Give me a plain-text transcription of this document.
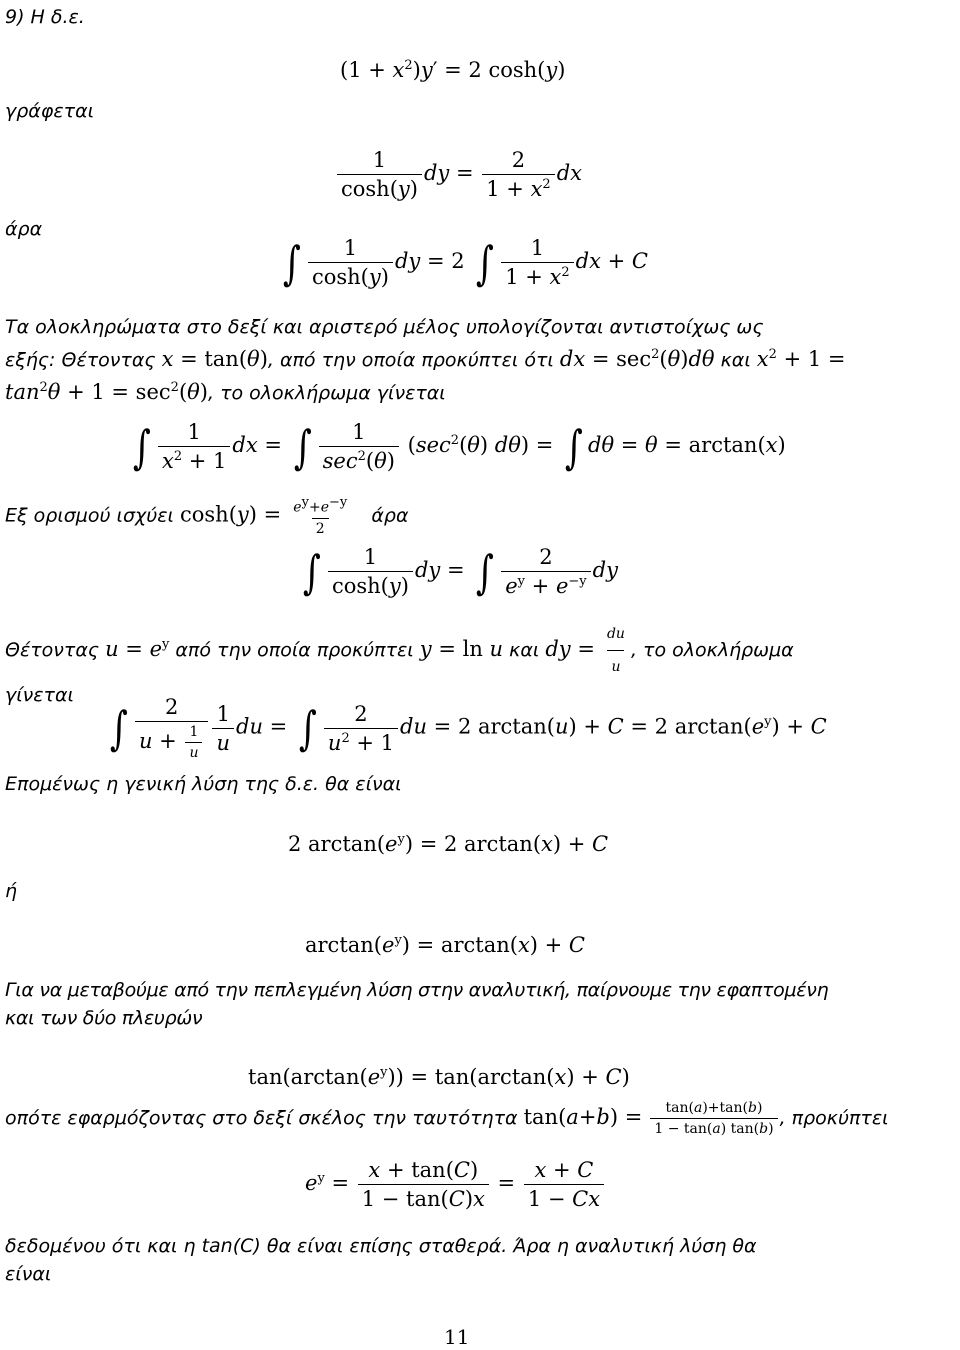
9) Η δ.ε.
$(1 + x^2)y' = 2$ cosh(y)
γράφεται
$\frac{1}{\cosh(y)}$ dy = $\frac{2}{1 + x^2}$ dx
άρα
∫ $\frac{1}{\cosh(y)}$ dy = 2 ∫ $\frac{1}{1 + x^2}$ dx + C
Τα ολοκληρώματα στο δεξί και αριστερό μέλος υπολογίζονται αντιστοίχως ως
εξής: Θέτοντας x = tan(θ), από την οποία προκύπτει ότι dx = $\sec^2(\theta)d\theta$ και $x^2 + 1$ =
$\tan^2\theta + 1 = \sec^2(\theta)$, το ολοκλήρωμα γίνεται
∫ $\frac{1}{x^2 + 1}$ dx = ∫ $\frac{1}{\sec^2(\theta)} (\sec^2(\theta) d\theta)$ = ∫ dθ = θ = arctan(x)
Εξ ορισμού ισχύει $\cosh(y) = \frac{e^y+e^{-y}}{2}$ άρα
∫ $\frac{1}{\cosh(y)}$ dy = ∫ $\frac{2}{e^y + e^{-y}}$ dy
Θέτοντας $u = e^y$ από την οποία προκύπτει y = ln u και dy = $\frac{du}{u}$ , το ολοκλήρωμα
γίνεται
∫ $\frac{2}{u + \frac{1}{u}} \frac{1}{u}$ du = ∫ $\frac{2}{u^2 + 1}$ du = 2 arctan(u) + C = 2 $\arctan(e^y) + C$
Επομένως η γενική λύση της δ.ε. θα είναι
2 $\arctan(e^y) = 2$ arctan(x) + C
ή
$\arctan(e^y) = \arctan(x) + C$
Για να μεταβούμε από την πεπλεγμένη λύση στην αναλυτική, παίρνουμε την εφαπτομένη
και των δύο πλευρών
$\tan(\arctan(e^y)) = \tan(\arctan(x) + C)$
οπότε εφαρμόζοντας στο δεξί σκέλος την ταυτότητα $\tan(a+b) = \frac{\tan(a)+\tan(b)}{1 - \tan(a) \tan(b)}$ , προκύπτει
$e^y = \frac{x + \tan(C)}{1 - \tan(C)x} = \frac{x + C}{1 - Cx}$
δεδομένου ότι και η tan(C) θα είναι επίσης σταθερά. Άρα η αναλυτική λύση θα
είναι
11
